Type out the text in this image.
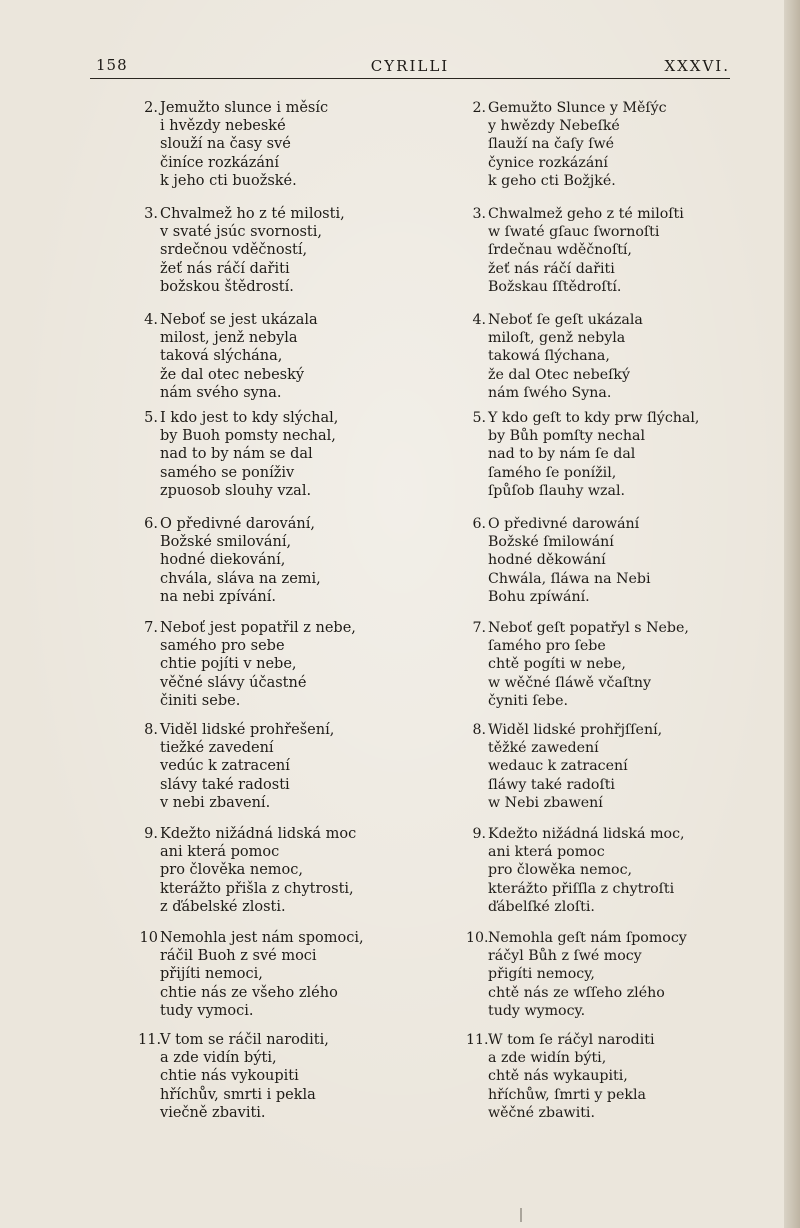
158	CYRILLI	XXXVI.
2. Jemužto slunce i měsíc
i hvězdy nebeské
slouží na časy své
činíce rozkázání
k jeho cti buožské.
3. Chvalmež ho z té milosti,
v svaté jsúc svornosti,
srdečnou vděčností,
žeť nás ráčí dařiti
božskou štědrostí.
4. Neboť se jest ukázala
milost, jenž nebyla
taková slýchána,
že dal otec nebeský
nám svého syna.
5. I kdo jest to kdy slýchal,
by Buoh pomsty nechal,
nad to by nám se dal
samého se poníživ
zpuosob slouhy vzal.
6. O předivné darování,
Božské smilování,
hodné diekování,
chvála, sláva na zemi,
na nebi zpívání.
7. Neboť jest popatřil z nebe,
samého pro sebe
chtie pojíti v nebe,
věčné slávy účastné
činiti sebe.
8. Viděl lidské prohřešení,
tiežké zavedení
vedúc k zatracení
slávy také radosti
v nebi zbavení.
9. Kdežto nižádná lidská moc
ani která pomoc
pro člověka nemoc,
kterážto přišla z chytrosti,
z ďábelské zlosti.
10 Nemohla jest nám spomoci,
ráčil Buoh z své moci
přijíti nemoci,
chtie nás ze všeho zlého
tudy vymoci.
11.
V tom se ráčil naroditi,
a zde vidín býti,
chtie nás vykoupiti
hříchův, smrti i pekla
viečně zbaviti.
2. Gemužto Slunce y Měſýc
y hwězdy Nebeſké
ſlauží na čaſy ſwé
čynice rozkázání
k geho cti Božjké.
3. Chwalmež geho z té miloſti
w ſwaté gſauc ſwornoſti
ſrdečnau wděčnoſtí,
žeť nás ráčí dařiti
Božskau ſſtědroſtí.
4. Neboť ſe geſt ukázala
miloſt, genž nebyla
takowá ſlýchana,
že dal Otec nebeſký
nám ſwého Syna.
5. Y kdo geſt to kdy prw ſlýchal,
by Bůh pomſty nechal
nad to by nám ſe dal
ſamého ſe ponížil,
ſpůſob ſlauhy wzal.
6. O předivné darowání
Božské ſmilowání
hodné děkowání
Chwála, ſláwa na Nebi
Bohu zpíwání.
7. Neboť geſt popatřyl s Nebe,
ſamého pro ſebe
chtě pogíti w nebe,
w wěčné ſláwě včaſtny
čyniti ſebe.
8. Widěl lidské prohřjſſení,
těžké zawedení
wedauc k zatracení
ſláwy také radoſti
w Nebi zbawení
9. Kdežto nižádná lidská moc,
ani která pomoc
pro člowěka nemoc,
kterážto přiſſla z chytroſti
ďábelſké zloſti.
10. Nemohla geſt nám ſpomocy
ráčyl Bůh z ſwé mocy
přigíti nemocy,
chtě nás ze wſſeho zlého
tudy wymocy.
11. W tom ſe ráčyl naroditi
a zde widín býti,
chtě nás wykaupiti,
hříchůw, ſmrti y pekla
wěčné zbawiti.
